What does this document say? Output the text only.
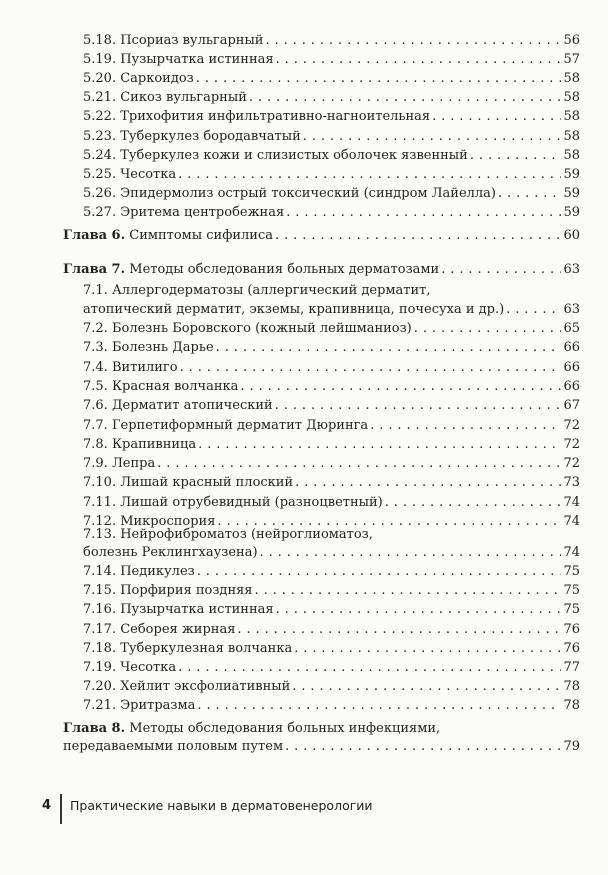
5.18. Псориаз вульгарный . . .	56
5.19. Пузырчатка истинная . . .	57
5.20. Саркоидоз . . .	58
5.21. Сикоз вульгарный . . .	58
5.22. Трихофития инфильтративно-нагноительная . . .	58
5.23. Туберкулез бородавчатый . . .	58
5.24. Туберкулез кожи и слизистых оболочек язвенный . . .	58
5.25. Чесотка . . .	59
5.26. Эпидермолиз острый токсический (синдром Лайелла) . . .	59
5.27. Эритема центробежная . . .	59
Глава 6. Симптомы сифилиса . . .	60
Глава 7. Методы обследования больных дерматозами . . .	63
7.1. Аллергодерматозы (аллергический дерматит,
атопический дерматит, экземы, крапивница, почесуха и др.) . . .	63
7.2. Болезнь Боровского (кожный лейшманиоз) . . .	65
7.3. Болезнь Дарье . . .	66
7.4. Витилиго . . .	66
7.5. Красная волчанка . . .	66
7.6. Дерматит атопический . . .	67
7.7. Герпетиформный дерматит Дюринга . . .	72
7.8. Крапивница . . .	72
7.9. Лепра . . .	72
7.10. Лишай красный плоский . . .	73
7.11. Лишай отрубевидный (разноцветный) . . .	74
7.12. Микроспория . . .	74
7.13. Нейрофиброматоз (нейроглиоматоз,
болезнь Реклингхаузена) . . .	74
7.14. Педикулез . . .	75
7.15. Порфирия поздняя . . .	75
7.16. Пузырчатка истинная . . .	75
7.17. Себорея жирная . . .	76
7.18. Туберкулезная волчанка . . .	76
7.19. Чесотка . . .	77
7.20. Хейлит эксфолиативный . . .	78
7.21. Эритразма . . .	78
Глава 8. Методы обследования больных инфекциями,
передаваемыми половым путем . . .	79
4 Практические навыки в дерматовенерологии
